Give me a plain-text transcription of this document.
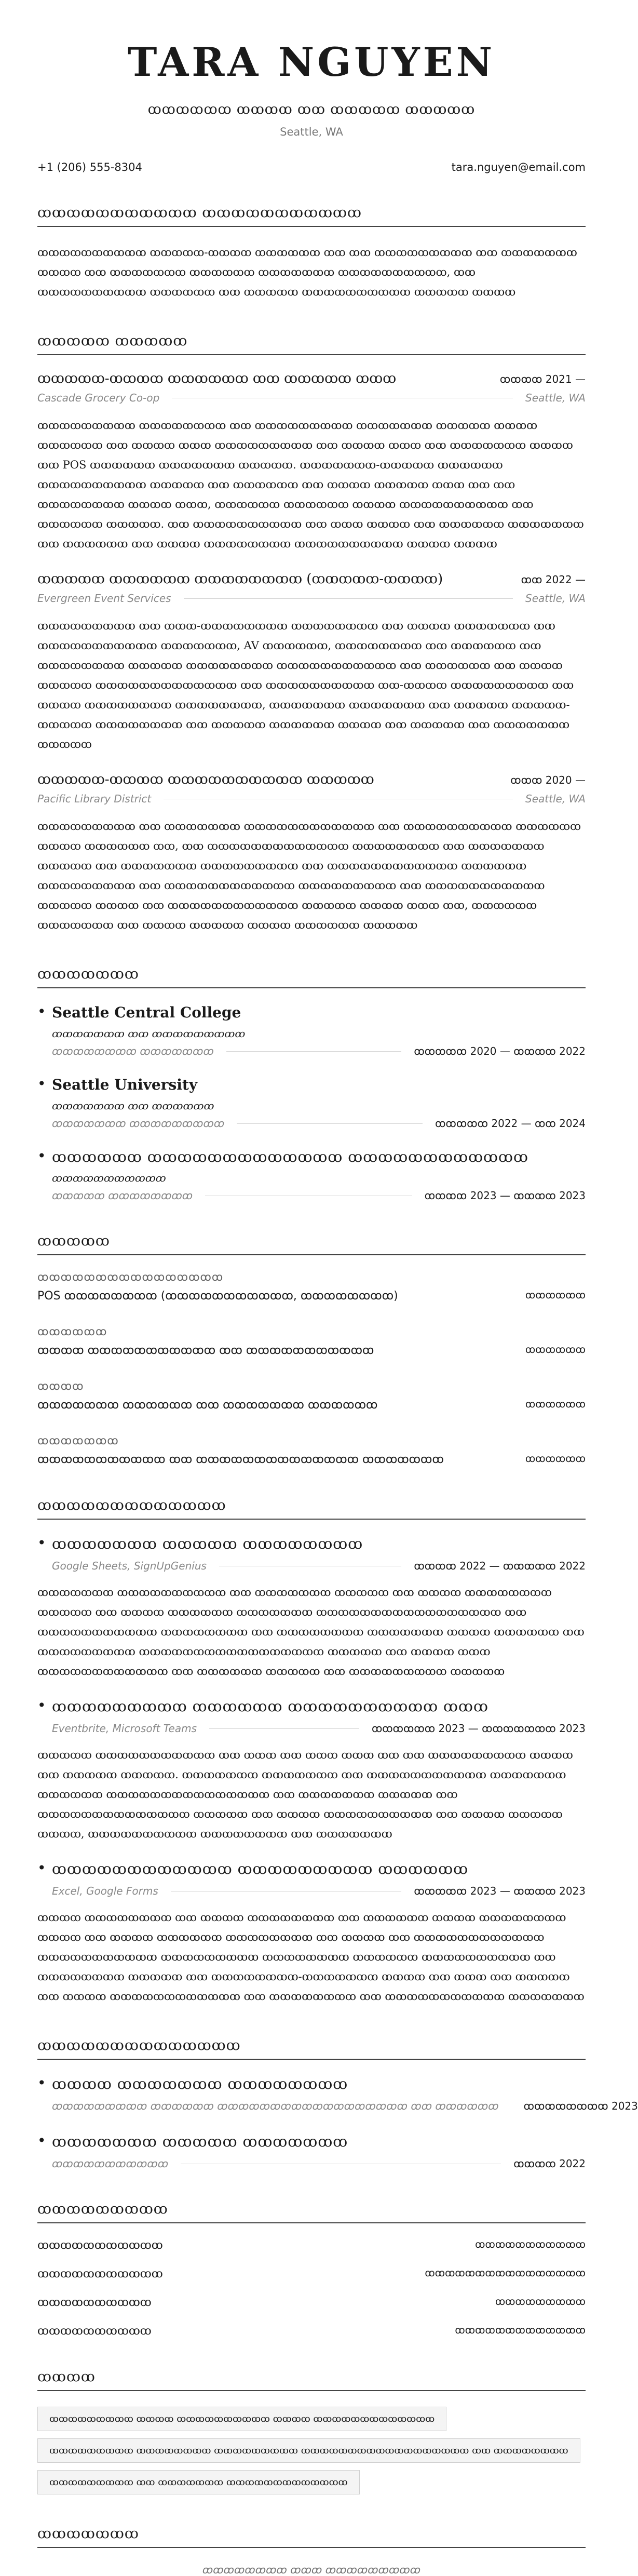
TARA NGUYEN
ꝏꝏꝏꝏꝏꝏ ꝏꝏꝏꝏ ꝏꝏ ꝏꝏꝏꝏꝏ ꝏꝏꝏꝏꝏ
Seattle, WA
+1 (206) 555-8304	tara.nguyen@email.com
ꝏꝏꝏꝏꝏꝏꝏꝏꝏꝏꝏ ꝏꝏꝏꝏꝏꝏꝏꝏꝏꝏꝏ
ꝏꝏꝏꝏꝏꝏꝏꝏꝏꝏ ꝏꝏꝏꝏꝏ-ꝏꝏꝏꝏ ꝏꝏꝏꝏꝏꝏ ꝏꝏ ꝏꝏ ꝏꝏꝏꝏꝏꝏꝏꝏꝏ ꝏꝏ ꝏꝏꝏꝏꝏꝏꝏ ꝏꝏꝏꝏ ꝏꝏ ꝏꝏꝏꝏꝏꝏꝏ ꝏꝏꝏꝏꝏꝏ ꝏꝏꝏꝏꝏꝏꝏ ꝏꝏꝏꝏꝏꝏꝏꝏꝏꝏ, ꝏꝏ ꝏꝏꝏꝏꝏꝏꝏꝏꝏꝏ ꝏꝏꝏꝏꝏꝏ ꝏꝏ ꝏꝏꝏꝏꝏ ꝏꝏꝏꝏꝏꝏꝏꝏꝏꝏ ꝏꝏꝏꝏꝏ ꝏꝏꝏꝏ
ꝏꝏꝏꝏꝏ ꝏꝏꝏꝏꝏ
ꝏꝏꝏꝏꝏ-ꝏꝏꝏꝏ ꝏꝏꝏꝏꝏꝏ ꝏꝏ ꝏꝏꝏꝏꝏ ꝏꝏꝏ	ꝏꝏꝏꝏ 2021 —
Cascade Grocery Co-op	Seattle, WA
ꝏꝏꝏꝏꝏꝏꝏꝏꝏ ꝏꝏꝏꝏꝏꝏꝏꝏ ꝏꝏ ꝏꝏꝏꝏꝏꝏꝏꝏꝏ ꝏꝏꝏꝏꝏꝏꝏ ꝏꝏꝏꝏꝏ ꝏꝏꝏꝏ ꝏꝏꝏꝏꝏꝏ ꝏꝏ ꝏꝏꝏꝏ ꝏꝏꝏ ꝏꝏꝏꝏꝏꝏꝏꝏꝏ ꝏꝏ ꝏꝏꝏꝏ ꝏꝏꝏ ꝏꝏ ꝏꝏꝏꝏꝏꝏꝏ ꝏꝏꝏꝏ ꝏꝏ POS ꝏꝏꝏꝏꝏꝏ ꝏꝏꝏꝏꝏꝏꝏ ꝏꝏꝏꝏꝏ. ꝏꝏꝏꝏꝏꝏꝏ-ꝏꝏꝏꝏꝏ ꝏꝏꝏꝏꝏꝏ ꝏꝏꝏꝏꝏꝏꝏꝏꝏꝏ ꝏꝏꝏꝏꝏ ꝏꝏ ꝏꝏꝏꝏꝏꝏ ꝏꝏ ꝏꝏꝏꝏ ꝏꝏꝏꝏꝏ ꝏꝏꝏ ꝏꝏ ꝏꝏ ꝏꝏꝏꝏꝏꝏꝏꝏ ꝏꝏꝏꝏ ꝏꝏꝏ, ꝏꝏꝏꝏꝏꝏ ꝏꝏꝏꝏꝏꝏ ꝏꝏꝏꝏ ꝏꝏꝏꝏꝏꝏꝏꝏꝏꝏ ꝏꝏ ꝏꝏꝏꝏꝏꝏ ꝏꝏꝏꝏꝏ. ꝏꝏ ꝏꝏꝏꝏꝏꝏꝏꝏꝏꝏ ꝏꝏ ꝏꝏꝏ ꝏꝏꝏꝏ ꝏꝏ ꝏꝏꝏꝏꝏꝏ ꝏꝏꝏꝏꝏꝏꝏ ꝏꝏ ꝏꝏꝏꝏꝏꝏ ꝏꝏ ꝏꝏꝏꝏ ꝏꝏꝏꝏꝏꝏꝏꝏ ꝏꝏꝏꝏꝏꝏꝏꝏꝏꝏ ꝏꝏꝏꝏ ꝏꝏꝏꝏ
ꝏꝏꝏꝏꝏ ꝏꝏꝏꝏꝏꝏ ꝏꝏꝏꝏꝏꝏꝏꝏ (ꝏꝏꝏꝏꝏ-ꝏꝏꝏꝏ)	ꝏꝏ 2022 —
Evergreen Event Services	Seattle, WA
ꝏꝏꝏꝏꝏꝏꝏꝏꝏ ꝏꝏ ꝏꝏꝏ-ꝏꝏꝏꝏꝏꝏꝏꝏ ꝏꝏꝏꝏꝏꝏꝏꝏ ꝏꝏ ꝏꝏꝏꝏ ꝏꝏꝏꝏꝏꝏꝏ ꝏꝏ ꝏꝏꝏꝏꝏꝏꝏꝏꝏꝏꝏ ꝏꝏꝏꝏꝏꝏꝏ, AV ꝏꝏꝏꝏꝏꝏ, ꝏꝏꝏꝏꝏꝏꝏꝏ ꝏꝏ ꝏꝏꝏꝏꝏꝏ ꝏꝏ ꝏꝏꝏꝏꝏꝏꝏꝏ ꝏꝏꝏꝏꝏ ꝏꝏꝏꝏꝏꝏꝏꝏ ꝏꝏꝏꝏꝏꝏꝏꝏꝏꝏꝏ ꝏꝏ ꝏꝏꝏꝏꝏꝏ ꝏꝏ ꝏꝏꝏꝏ ꝏꝏꝏꝏꝏ ꝏꝏꝏꝏꝏꝏꝏꝏꝏꝏꝏꝏꝏ ꝏꝏ ꝏꝏꝏꝏꝏꝏꝏꝏꝏꝏ ꝏꝏ-ꝏꝏꝏꝏ ꝏꝏꝏꝏꝏꝏꝏꝏꝏ ꝏꝏ ꝏꝏꝏꝏ ꝏꝏꝏꝏꝏꝏꝏꝏ ꝏꝏꝏꝏꝏꝏꝏꝏ, ꝏꝏꝏꝏꝏꝏꝏ ꝏꝏꝏꝏꝏꝏꝏ ꝏꝏ ꝏꝏꝏꝏꝏ ꝏꝏꝏꝏꝏ-ꝏꝏꝏꝏꝏ ꝏꝏꝏꝏꝏꝏꝏꝏ ꝏꝏ ꝏꝏꝏꝏꝏ ꝏꝏꝏꝏꝏꝏ ꝏꝏꝏꝏ ꝏꝏ ꝏꝏꝏꝏꝏ ꝏꝏ ꝏꝏꝏꝏꝏꝏꝏ ꝏꝏꝏꝏꝏ
ꝏꝏꝏꝏꝏ-ꝏꝏꝏꝏ ꝏꝏꝏꝏꝏꝏꝏꝏꝏꝏ ꝏꝏꝏꝏꝏ	ꝏꝏꝏ 2020 —
Pacific Library District	Seattle, WA
ꝏꝏꝏꝏꝏꝏꝏꝏꝏ ꝏꝏ ꝏꝏꝏꝏꝏꝏꝏ ꝏꝏꝏꝏꝏꝏꝏꝏꝏꝏꝏꝏ ꝏꝏ ꝏꝏꝏꝏꝏꝏꝏꝏꝏꝏ ꝏꝏꝏꝏꝏꝏ ꝏꝏꝏꝏ ꝏꝏꝏꝏꝏꝏ ꝏꝏ, ꝏꝏ ꝏꝏꝏꝏꝏꝏꝏꝏꝏꝏꝏꝏꝏ ꝏꝏꝏꝏꝏꝏꝏꝏ ꝏꝏ ꝏꝏꝏꝏꝏꝏꝏ ꝏꝏꝏꝏꝏ ꝏꝏ ꝏꝏꝏꝏꝏꝏꝏ ꝏꝏꝏꝏꝏꝏꝏꝏꝏ ꝏꝏ ꝏꝏꝏꝏꝏꝏꝏꝏꝏꝏꝏꝏ ꝏꝏꝏꝏꝏꝏ ꝏꝏꝏꝏꝏꝏꝏꝏꝏ ꝏꝏ ꝏꝏꝏꝏꝏꝏꝏꝏꝏꝏꝏꝏ ꝏꝏꝏꝏꝏꝏꝏꝏꝏ ꝏꝏ ꝏꝏꝏꝏꝏꝏꝏꝏꝏꝏꝏ ꝏꝏꝏꝏꝏ ꝏꝏꝏꝏ ꝏꝏ ꝏꝏꝏꝏꝏꝏꝏꝏꝏꝏꝏꝏ ꝏꝏꝏꝏꝏ ꝏꝏꝏꝏ ꝏꝏꝏ ꝏꝏ, ꝏꝏꝏꝏꝏꝏ ꝏꝏꝏꝏꝏꝏꝏ ꝏꝏ ꝏꝏꝏꝏ ꝏꝏꝏꝏꝏ ꝏꝏꝏꝏ ꝏꝏꝏꝏꝏꝏ ꝏꝏꝏꝏꝏ
ꝏꝏꝏꝏꝏꝏꝏ
• Seattle Central College
ꝏꝏꝏꝏꝏꝏꝏ ꝏꝏ ꝏꝏꝏꝏꝏꝏꝏꝏꝏ
ꝏꝏꝏꝏꝏꝏꝏꝏ ꝏꝏꝏꝏꝏꝏꝏ	ꝏꝏꝏꝏꝏ 2020 — ꝏꝏꝏꝏ 2022
• Seattle University
ꝏꝏꝏꝏꝏꝏꝏ ꝏꝏ ꝏꝏꝏꝏꝏꝏ
ꝏꝏꝏꝏꝏꝏꝏ ꝏꝏꝏꝏꝏꝏꝏꝏꝏ	ꝏꝏꝏꝏꝏ 2022 — ꝏꝏ 2024
• ꝏꝏꝏꝏꝏꝏ ꝏꝏꝏꝏꝏꝏꝏꝏꝏꝏꝏꝏꝏ ꝏꝏꝏꝏꝏꝏꝏꝏꝏꝏꝏꝏ
ꝏꝏꝏꝏꝏꝏꝏꝏꝏꝏꝏ
ꝏꝏꝏꝏꝏ ꝏꝏꝏꝏꝏꝏꝏꝏ	ꝏꝏꝏꝏ 2023 — ꝏꝏꝏꝏ 2023
ꝏꝏꝏꝏꝏ
ꝏꝏꝏꝏꝏꝏꝏꝏꝏꝏꝏꝏꝏꝏꝏꝏ
POS ꝏꝏꝏꝏꝏꝏꝏꝏ (ꝏꝏꝏꝏꝏꝏꝏꝏꝏꝏꝏ, ꝏꝏꝏꝏꝏꝏꝏꝏ)	ꝏꝏꝏꝏꝏꝏ
ꝏꝏꝏꝏꝏꝏ
ꝏꝏꝏꝏ ꝏꝏꝏꝏꝏꝏꝏꝏꝏꝏꝏ ꝏꝏ ꝏꝏꝏꝏꝏꝏꝏꝏꝏꝏꝏ	ꝏꝏꝏꝏꝏꝏ
ꝏꝏꝏꝏ
ꝏꝏꝏꝏꝏꝏꝏ ꝏꝏꝏꝏꝏꝏ ꝏꝏ ꝏꝏꝏꝏꝏꝏꝏ ꝏꝏꝏꝏꝏꝏ	ꝏꝏꝏꝏꝏꝏ
ꝏꝏꝏꝏꝏꝏꝏ
ꝏꝏꝏꝏꝏꝏꝏꝏꝏꝏꝏ ꝏꝏ ꝏꝏꝏꝏꝏꝏꝏꝏꝏꝏꝏꝏꝏꝏ ꝏꝏꝏꝏꝏꝏꝏ	ꝏꝏꝏꝏꝏꝏ
ꝏꝏꝏꝏꝏꝏꝏꝏꝏꝏꝏꝏꝏ
• ꝏꝏꝏꝏꝏꝏꝏ ꝏꝏꝏꝏꝏ ꝏꝏꝏꝏꝏꝏꝏꝏ
Google Sheets, SignUpGenius	ꝏꝏꝏꝏ 2022 — ꝏꝏꝏꝏꝏ 2022
ꝏꝏꝏꝏꝏꝏꝏ ꝏꝏꝏꝏꝏꝏꝏꝏꝏꝏ ꝏꝏ ꝏꝏꝏꝏꝏꝏꝏ ꝏꝏꝏꝏꝏ ꝏꝏ ꝏꝏꝏꝏ ꝏꝏꝏꝏꝏꝏꝏꝏ ꝏꝏꝏꝏꝏ ꝏꝏ ꝏꝏꝏꝏ ꝏꝏꝏꝏꝏꝏ ꝏꝏꝏꝏꝏꝏꝏ ꝏꝏꝏꝏꝏꝏꝏꝏꝏꝏꝏꝏꝏꝏꝏꝏꝏ ꝏꝏ ꝏꝏꝏꝏꝏꝏꝏꝏꝏꝏꝏ ꝏꝏꝏꝏꝏꝏꝏꝏ ꝏꝏ ꝏꝏꝏꝏꝏꝏꝏꝏ ꝏꝏꝏꝏꝏꝏꝏ ꝏꝏꝏꝏ ꝏꝏꝏꝏꝏꝏ ꝏꝏ ꝏꝏꝏꝏꝏꝏꝏꝏꝏ ꝏꝏꝏꝏꝏꝏꝏꝏꝏꝏꝏꝏꝏꝏꝏꝏꝏ ꝏꝏꝏꝏꝏ ꝏꝏ ꝏꝏꝏꝏ ꝏꝏꝏ ꝏꝏꝏꝏꝏꝏꝏꝏꝏꝏꝏꝏ ꝏꝏ ꝏꝏꝏꝏꝏꝏ ꝏꝏꝏꝏꝏ ꝏꝏ ꝏꝏꝏꝏꝏꝏꝏꝏꝏ ꝏꝏꝏꝏꝏ
• ꝏꝏꝏꝏꝏꝏꝏꝏꝏ ꝏꝏꝏꝏꝏꝏ ꝏꝏꝏꝏꝏꝏꝏꝏꝏꝏ ꝏꝏꝏ
Eventbrite, Microsoft Teams	ꝏꝏꝏꝏꝏꝏ 2023 — ꝏꝏꝏꝏꝏꝏꝏ 2023
ꝏꝏꝏꝏꝏ ꝏꝏꝏꝏꝏꝏꝏꝏꝏꝏꝏ ꝏꝏ ꝏꝏꝏ ꝏꝏ ꝏꝏꝏ ꝏꝏꝏ ꝏꝏ ꝏꝏ ꝏꝏꝏꝏꝏꝏꝏꝏꝏ ꝏꝏꝏꝏ ꝏꝏ ꝏꝏꝏꝏꝏ ꝏꝏꝏꝏꝏ. ꝏꝏꝏꝏꝏꝏꝏ ꝏꝏꝏꝏꝏꝏꝏ ꝏꝏ ꝏꝏꝏꝏꝏꝏꝏꝏꝏꝏꝏ ꝏꝏꝏꝏꝏꝏꝏ ꝏꝏꝏꝏꝏꝏ ꝏꝏꝏꝏꝏꝏꝏꝏꝏꝏꝏꝏꝏꝏꝏ ꝏꝏ ꝏꝏꝏꝏꝏꝏꝏ ꝏꝏꝏꝏꝏ ꝏꝏ ꝏꝏꝏꝏꝏꝏꝏꝏꝏꝏꝏꝏꝏꝏ ꝏꝏꝏꝏꝏ ꝏꝏ ꝏꝏꝏꝏ ꝏꝏꝏꝏꝏꝏꝏꝏꝏꝏ ꝏꝏ ꝏꝏꝏꝏ ꝏꝏꝏꝏꝏ ꝏꝏꝏꝏ, ꝏꝏꝏꝏꝏꝏꝏꝏꝏꝏ ꝏꝏꝏꝏꝏꝏꝏꝏ ꝏꝏ ꝏꝏꝏꝏꝏꝏꝏ
• ꝏꝏꝏꝏꝏꝏꝏꝏꝏꝏꝏꝏ ꝏꝏꝏꝏꝏꝏꝏꝏꝏ ꝏꝏꝏꝏꝏꝏ
Excel, Google Forms	ꝏꝏꝏꝏꝏ 2023 — ꝏꝏꝏꝏ 2023
ꝏꝏꝏꝏ ꝏꝏꝏꝏꝏꝏꝏꝏ ꝏꝏ ꝏꝏꝏꝏ ꝏꝏꝏꝏꝏꝏꝏꝏ ꝏꝏ ꝏꝏꝏꝏꝏꝏ ꝏꝏꝏꝏ ꝏꝏꝏꝏꝏꝏꝏꝏ ꝏꝏꝏꝏ ꝏꝏ ꝏꝏꝏꝏ ꝏꝏꝏꝏꝏꝏ ꝏꝏꝏꝏꝏꝏꝏꝏ ꝏꝏ ꝏꝏꝏꝏ ꝏꝏ ꝏꝏꝏꝏꝏꝏꝏꝏꝏꝏꝏꝏ ꝏꝏꝏꝏꝏꝏꝏꝏꝏꝏꝏ ꝏꝏꝏꝏꝏꝏꝏꝏꝏ ꝏꝏꝏꝏꝏꝏꝏꝏ ꝏꝏꝏꝏꝏꝏ ꝏꝏꝏꝏꝏꝏꝏꝏꝏꝏ ꝏꝏ ꝏꝏꝏꝏꝏꝏꝏꝏ ꝏꝏꝏꝏꝏ ꝏꝏ ꝏꝏꝏꝏꝏꝏꝏꝏ-ꝏꝏꝏꝏꝏꝏꝏ ꝏꝏꝏꝏ ꝏꝏ ꝏꝏꝏ ꝏꝏ ꝏꝏꝏꝏꝏ ꝏꝏ ꝏꝏꝏꝏ ꝏꝏꝏꝏꝏꝏꝏꝏꝏꝏꝏꝏ ꝏꝏ ꝏꝏꝏꝏꝏꝏꝏꝏ ꝏꝏ ꝏꝏꝏꝏꝏꝏꝏꝏꝏꝏꝏ ꝏꝏꝏꝏꝏꝏꝏ
ꝏꝏꝏꝏꝏꝏꝏꝏꝏꝏꝏꝏꝏꝏ
• ꝏꝏꝏꝏ ꝏꝏꝏꝏꝏꝏꝏ ꝏꝏꝏꝏꝏꝏꝏꝏ
ꝏꝏꝏꝏꝏꝏꝏꝏꝏ ꝏꝏꝏꝏꝏꝏ ꝏꝏꝏꝏꝏꝏꝏꝏꝏꝏꝏꝏꝏꝏꝏꝏꝏꝏ ꝏꝏ ꝏꝏꝏꝏꝏꝏ ꝏꝏꝏꝏꝏꝏꝏꝏ 2023
• ꝏꝏꝏꝏꝏꝏꝏ ꝏꝏꝏꝏꝏ ꝏꝏꝏꝏꝏꝏꝏ
ꝏꝏꝏꝏꝏꝏꝏꝏꝏꝏꝏ	ꝏꝏꝏꝏ 2022
ꝏꝏꝏꝏꝏꝏꝏꝏꝏ
ꝏꝏꝏꝏꝏꝏꝏꝏꝏꝏꝏ	ꝏꝏꝏꝏꝏꝏꝏꝏꝏꝏꝏ
ꝏꝏꝏꝏꝏꝏꝏꝏꝏꝏꝏ	ꝏꝏꝏꝏꝏꝏꝏꝏꝏꝏꝏꝏꝏꝏꝏꝏ
ꝏꝏꝏꝏꝏꝏꝏꝏꝏꝏ	ꝏꝏꝏꝏꝏꝏꝏꝏꝏ
ꝏꝏꝏꝏꝏꝏꝏꝏꝏꝏ	ꝏꝏꝏꝏꝏꝏꝏꝏꝏꝏꝏꝏꝏ
ꝏꝏꝏꝏ
ꝏꝏꝏꝏꝏꝏꝏꝏꝏ ꝏꝏꝏꝏ ꝏꝏꝏꝏꝏꝏꝏꝏꝏꝏ ꝏꝏꝏꝏ ꝏꝏꝏꝏꝏꝏꝏꝏꝏꝏꝏꝏꝏ
ꝏꝏꝏꝏꝏꝏꝏꝏꝏ ꝏꝏꝏꝏꝏꝏꝏꝏ ꝏꝏꝏꝏꝏꝏꝏꝏꝏ ꝏꝏꝏꝏꝏꝏꝏꝏꝏꝏꝏꝏꝏꝏꝏꝏꝏꝏ ꝏꝏ ꝏꝏꝏꝏꝏꝏꝏꝏ
ꝏꝏꝏꝏꝏꝏꝏꝏꝏ ꝏꝏ ꝏꝏꝏꝏꝏꝏꝏ ꝏꝏꝏꝏꝏꝏꝏꝏꝏꝏꝏꝏꝏ
ꝏꝏꝏꝏꝏꝏꝏ
ꝏꝏꝏꝏꝏꝏꝏꝏ ꝏꝏꝏ ꝏꝏꝏꝏꝏꝏꝏꝏꝏ
